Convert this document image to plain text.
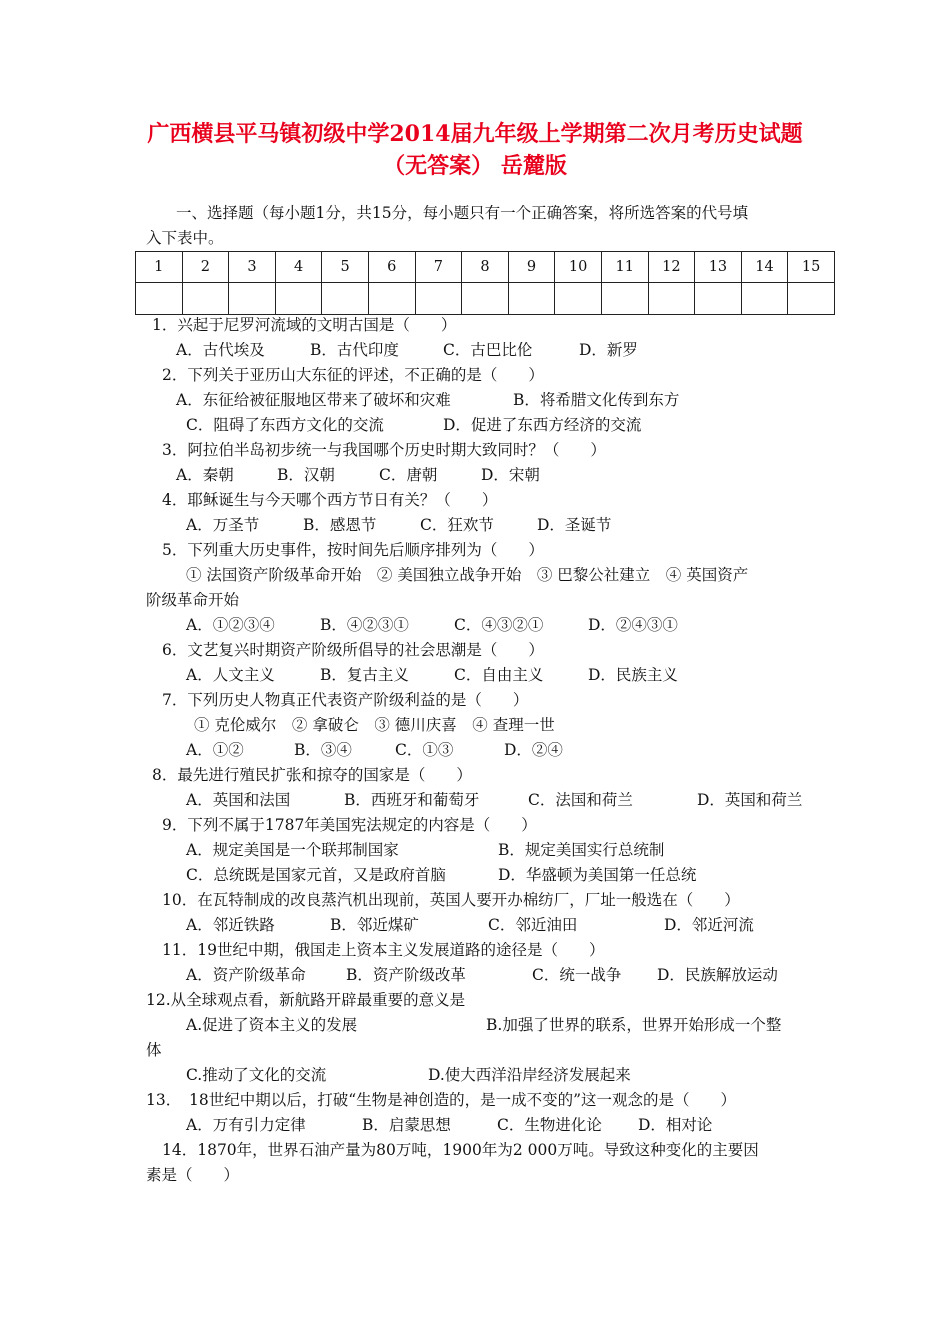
广西横县平马镇初级中学2014届九年级上学期第二次月考历史试题
（无答案） 岳麓版
一、选择题（每小题1分，共15分，每小题只有一个正确答案，将所选答案的代号填
入下表中。
1	2	3	4	5	6	7	8	9	10	11	12	13	14	15

1．兴起于尼罗河流域的文明古国是（　　）
A．古代埃及	B．古代印度	C．古巴比伦	D．新罗
2．下列关于亚历山大东征的评述，不正确的是（　　）
A．东征给被征服地区带来了破坏和灾难	B．将希腊文化传到东方
C．阻碍了东西方文化的交流	D．促进了东西方经济的交流
3．阿拉伯半岛初步统一与我国哪个历史时期大致同时？（　　）
A．秦朝	B．汉朝	C．唐朝	D．宋朝
4．耶稣诞生与今天哪个西方节日有关？（　　）
A．万圣节	B．感恩节	C．狂欢节	D．圣诞节
5．下列重大历史事件，按时间先后顺序排列为（　　）
① 法国资产阶级革命开始　② 美国独立战争开始　③ 巴黎公社建立　④ 英国资产
阶级革命开始
A．①②③④	B．④②③①	C．④③②①	D．②④③①
6．文艺复兴时期资产阶级所倡导的社会思潮是（　　）
A．人文主义	B．复古主义	C．自由主义	D．民族主义
7．下列历史人物真正代表资产阶级利益的是（　　）
① 克伦威尔　② 拿破仑　③ 德川庆喜　④ 查理一世
A．①②	B．③④	C．①③	D．②④
8．最先进行殖民扩张和掠夺的国家是（　　）
A．英国和法国	B．西班牙和葡萄牙	C．法国和荷兰	D．英国和荷兰
9．下列不属于1787年美国宪法规定的内容是（　　）
A．规定美国是一个联邦制国家	B．规定美国实行总统制
C．总统既是国家元首，又是政府首脑	D．华盛顿为美国第一任总统
10．在瓦特制成的改良蒸汽机出现前，英国人要开办棉纺厂，厂址一般选在（　　）
A．邻近铁路	B．邻近煤矿	C．邻近油田	D．邻近河流
11．19世纪中期，俄国走上资本主义发展道路的途径是（　　）
A．资产阶级革命	B．资产阶级改革	C．统一战争 D．民族解放运动
12.从全球观点看，新航路开辟最重要的意义是
A.促进了资本主义的发展	B.加强了世界的联系，世界开始形成一个整
体
C.推动了文化的交流	D.使大西洋沿岸经济发展起来
13．　18世纪中期以后，打破“生物是神创造的，是一成不变的”这一观念的是（　　）
A．万有引力定律	B．启蒙思想	C．生物进化论 D．相对论
14．1870年，世界石油产量为80万吨，1900年为2 000万吨。导致这种变化的主要因
素是（　　）
